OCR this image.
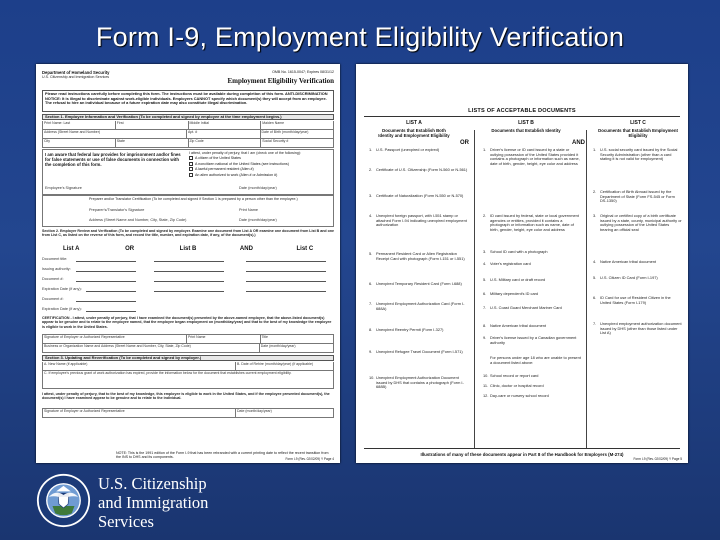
Form I-9, Employment Eligibility Verification
Department of Homeland Security
U.S. Citizenship and Immigration Services
OMB No. 1615-0047; Expires 08/31/12
Employment Eligibility Verification
Please read instructions carefully before completing this form. The instructions must be available during completion of this form. ANTI-DISCRIMINATION NOTICE: It is illegal to discriminate against work-eligible individuals. Employers CANNOT specify which document(s) they will accept from an employee. The refusal to hire an individual because of a future expiration date may also constitute illegal discrimination.
Section 1. Employee Information and Verification (To be completed and signed by employee at the time employment begins.)
Print Name: Last	First	Middle Initial	Maiden Name
Address (Street Name and Number)	Apt. #	Date of Birth (month/day/year)
City	State	Zip Code	Social Security #
I am aware that federal law provides for imprisonment and/or fines for false statements or use of false documents in connection with the completion of this form.
I attest, under penalty of perjury, that I am (check one of the following):
A citizen of the United States
A noncitizen national of the United States (see instructions)
A lawful permanent resident (Alien #)
An alien authorized to work (Alien # or Admission #)
Employee's Signature	Date (month/day/year)
Preparer and/or Translator Certification (To be completed and signed if Section 1 is prepared by a person other than the employee.)
Preparer's/Translator's Signature	Print Name
Address (Street Name and Number, City, State, Zip Code)	Date (month/day/year)
Section 2. Employer Review and Verification (To be completed and signed by employer. Examine one document from List A OR examine one document from List B and one from List C, as listed on the reverse of this form, and record the title, number, and expiration date, if any, of the document(s).)
List A	OR	List B	AND	List C
Document title:
Issuing authority:
Document #:
Expiration Date (if any):
Document #:
Expiration Date (if any):
CERTIFICATION - I attest, under penalty of perjury, that I have examined the document(s) presented by the above-named employee, that the above-listed document(s) appear to be genuine and to relate to the employee named, that the employee began employment on (month/day/year) and that to the best of my knowledge the employee is eligible to work in the United States.
Signature of Employer or Authorized Representative	Print Name	Title
Business or Organization Name and Address (Street Name and Number, City, State, Zip Code)	Date (month/day/year)
Section 3. Updating and Reverification (To be completed and signed by employer.)
A. New Name (if applicable)	B. Date of Rehire (month/day/year) (if applicable)
C. If employee's previous grant of work authorization has expired, provide the information below for the document that establishes current employment eligibility.
I attest, under penalty of perjury, that to the best of my knowledge, this employee is eligible to work in the United States, and if the employee presented document(s), the document(s) I have examined appear to be genuine and to relate to the individual.
Signature of Employer or Authorized Representative	Date (month/day/year)
NOTE: This is the 1991 edition of the Form I-9 that has been rebranded with a current printing date to reflect the recent transition from the INS to DHS and its components.
Form I-9 (Rev. 02/02/09) Y Page 4
LISTS OF ACCEPTABLE DOCUMENTS
LIST A
Documents that Establish Both Identity and Employment Eligibility
OR
LIST B
Documents that Establish Identity
AND
LIST C
Documents that Establish Employment Eligibility
1. U.S. Passport (unexpired or expired)
2. Certificate of U.S. Citizenship (Form N-560 or N-561)
3. Certificate of Naturalization (Form N-550 or N-570)
4. Unexpired foreign passport, with I-551 stamp or attached Form I-94 indicating unexpired employment authorization
5. Permanent Resident Card or Alien Registration Receipt Card with photograph (Form I-151 or I-551)
6. Unexpired Temporary Resident Card (Form I-688)
7. Unexpired Employment Authorization Card (Form I-688A)
8. Unexpired Reentry Permit (Form I-327)
9. Unexpired Refugee Travel Document (Form I-571)
10. Unexpired Employment Authorization Document issued by DHS that contains a photograph (Form I-688B)
1. Driver's license or ID card issued by a state or outlying possession of the United States provided it contains a photograph or information such as name, date of birth, gender, height, eye color and address
2. ID card issued by federal, state or local government agencies or entities, provided it contains a photograph or information such as name, date of birth, gender, height, eye color and address
3. School ID card with a photograph
4. Voter's registration card
5. U.S. Military card or draft record
6. Military dependent's ID card
7. U.S. Coast Guard Merchant Mariner Card
8. Native American tribal document
9. Driver's license issued by a Canadian government authority
For persons under age 18 who are unable to present a document listed above:
10. School record or report card
11. Clinic, doctor or hospital record
12. Day-care or nursery school record
1. U.S. social security card issued by the Social Security Administration (other than a card stating it is not valid for employment)
2. Certification of Birth Abroad issued by the Department of State (Form FS-545 or Form DS-1350)
3. Original or certified copy of a birth certificate issued by a state, county, municipal authority or outlying possession of the United States bearing an official seal
4. Native American tribal document
5. U.S. Citizen ID Card (Form I-197)
6. ID Card for use of Resident Citizen in the United States (Form I-179)
7. Unexpired employment authorization document issued by DHS (other than those listed under List A)
Illustrations of many of these documents appear in Part 8 of the Handbook for Employers (M-274)
Form I-9 (Rev. 02/02/09) Y Page 5
U.S. Citizenship
and Immigration
Services
